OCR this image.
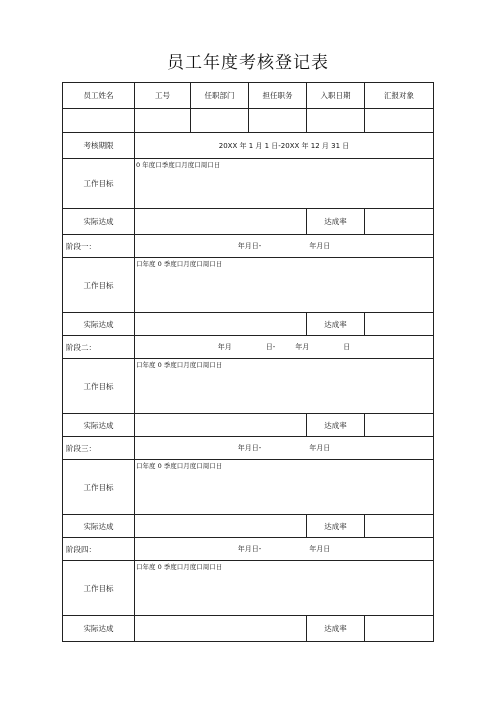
员工年度考核登记表
员工姓名	工号	任职部门	担任职务	入职日期	汇报对象

考核期限	20XX 年 1 月 1 日-20XX 年 12 月 31 日				
工作目标	0 年度口季度口月度口周口日				

实际达成				达成率	
阶段一：	年月日- 年月日				
工作目标	口年度 0 季度口月度口周口日				

实际达成				达成率	
阶段二：	年月 日- 年月 日				
工作目标	口年度 0 季度口月度口周口日				

实际达成				达成率	
阶段三：	年月日- 年月日				
工作目标	口年度 0 季度口月度口周口日				

实际达成				达成率	
阶段四：	年月日- 年月日				
工作目标	口年度 0 季度口月度口周口日				

实际达成				达成率	
